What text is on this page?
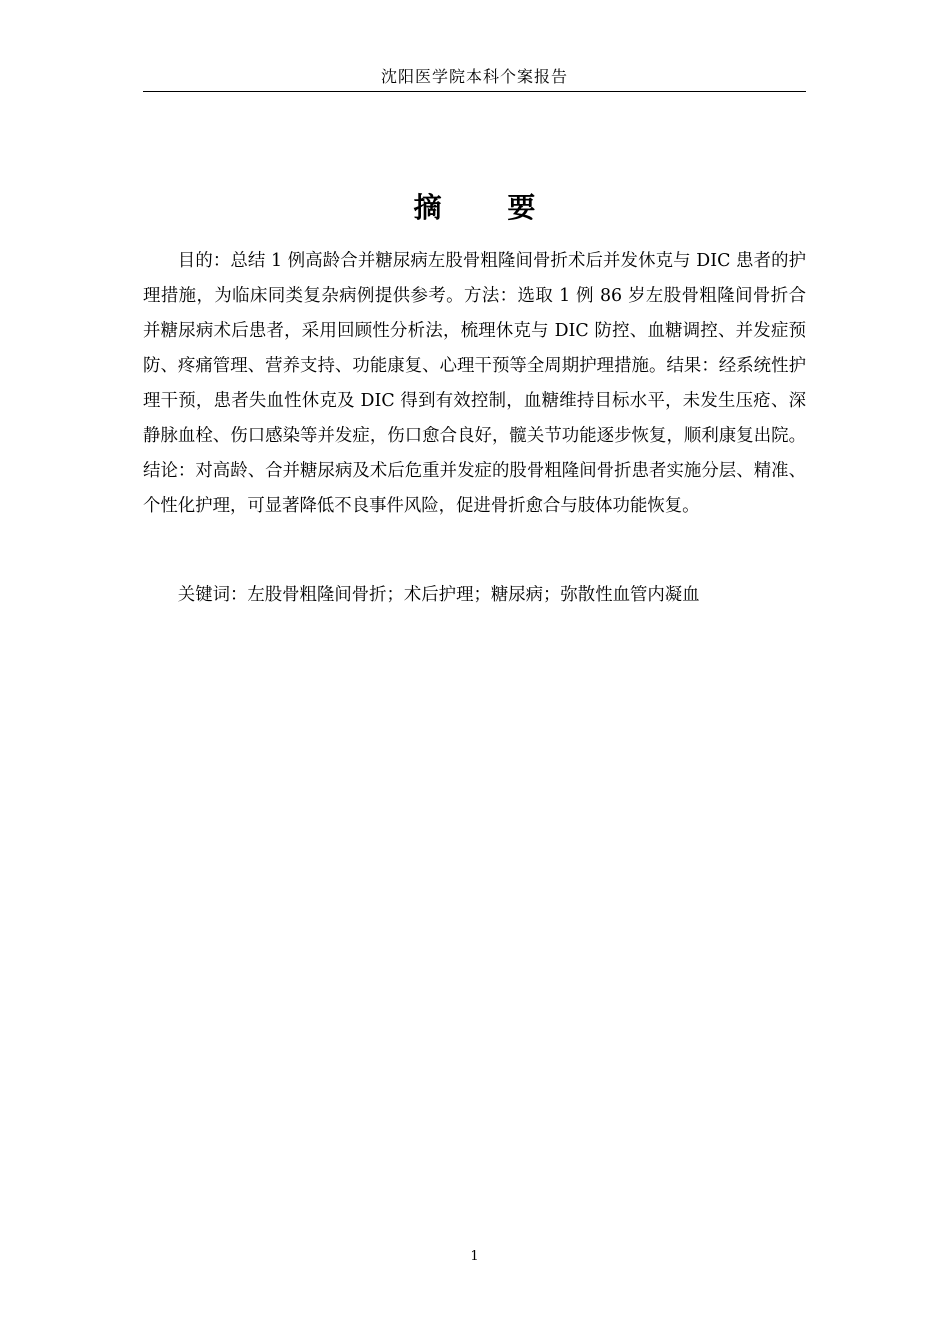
沈阳医学院本科个案报告
摘 要
目的：总结 1 例高龄合并糖尿病左股骨粗隆间骨折术后并发休克与 DIC 患者的护理措施，为临床同类复杂病例提供参考。方法：选取 1 例 86 岁左股骨粗隆间骨折合并糖尿病术后患者，采用回顾性分析法，梳理休克与 DIC 防控、血糖调控、并发症预防、疼痛管理、营养支持、功能康复、心理干预等全周期护理措施。结果：经系统性护理干预，患者失血性休克及 DIC 得到有效控制，血糖维持目标水平，未发生压疮、深静脉血栓、伤口感染等并发症，伤口愈合良好，髋关节功能逐步恢复，顺利康复出院。结论：对高龄、合并糖尿病及术后危重并发症的股骨粗隆间骨折患者实施分层、精准、个性化护理，可显著降低不良事件风险，促进骨折愈合与肢体功能恢复。
关键词：左股骨粗隆间骨折；术后护理；糖尿病；弥散性血管内凝血
1
